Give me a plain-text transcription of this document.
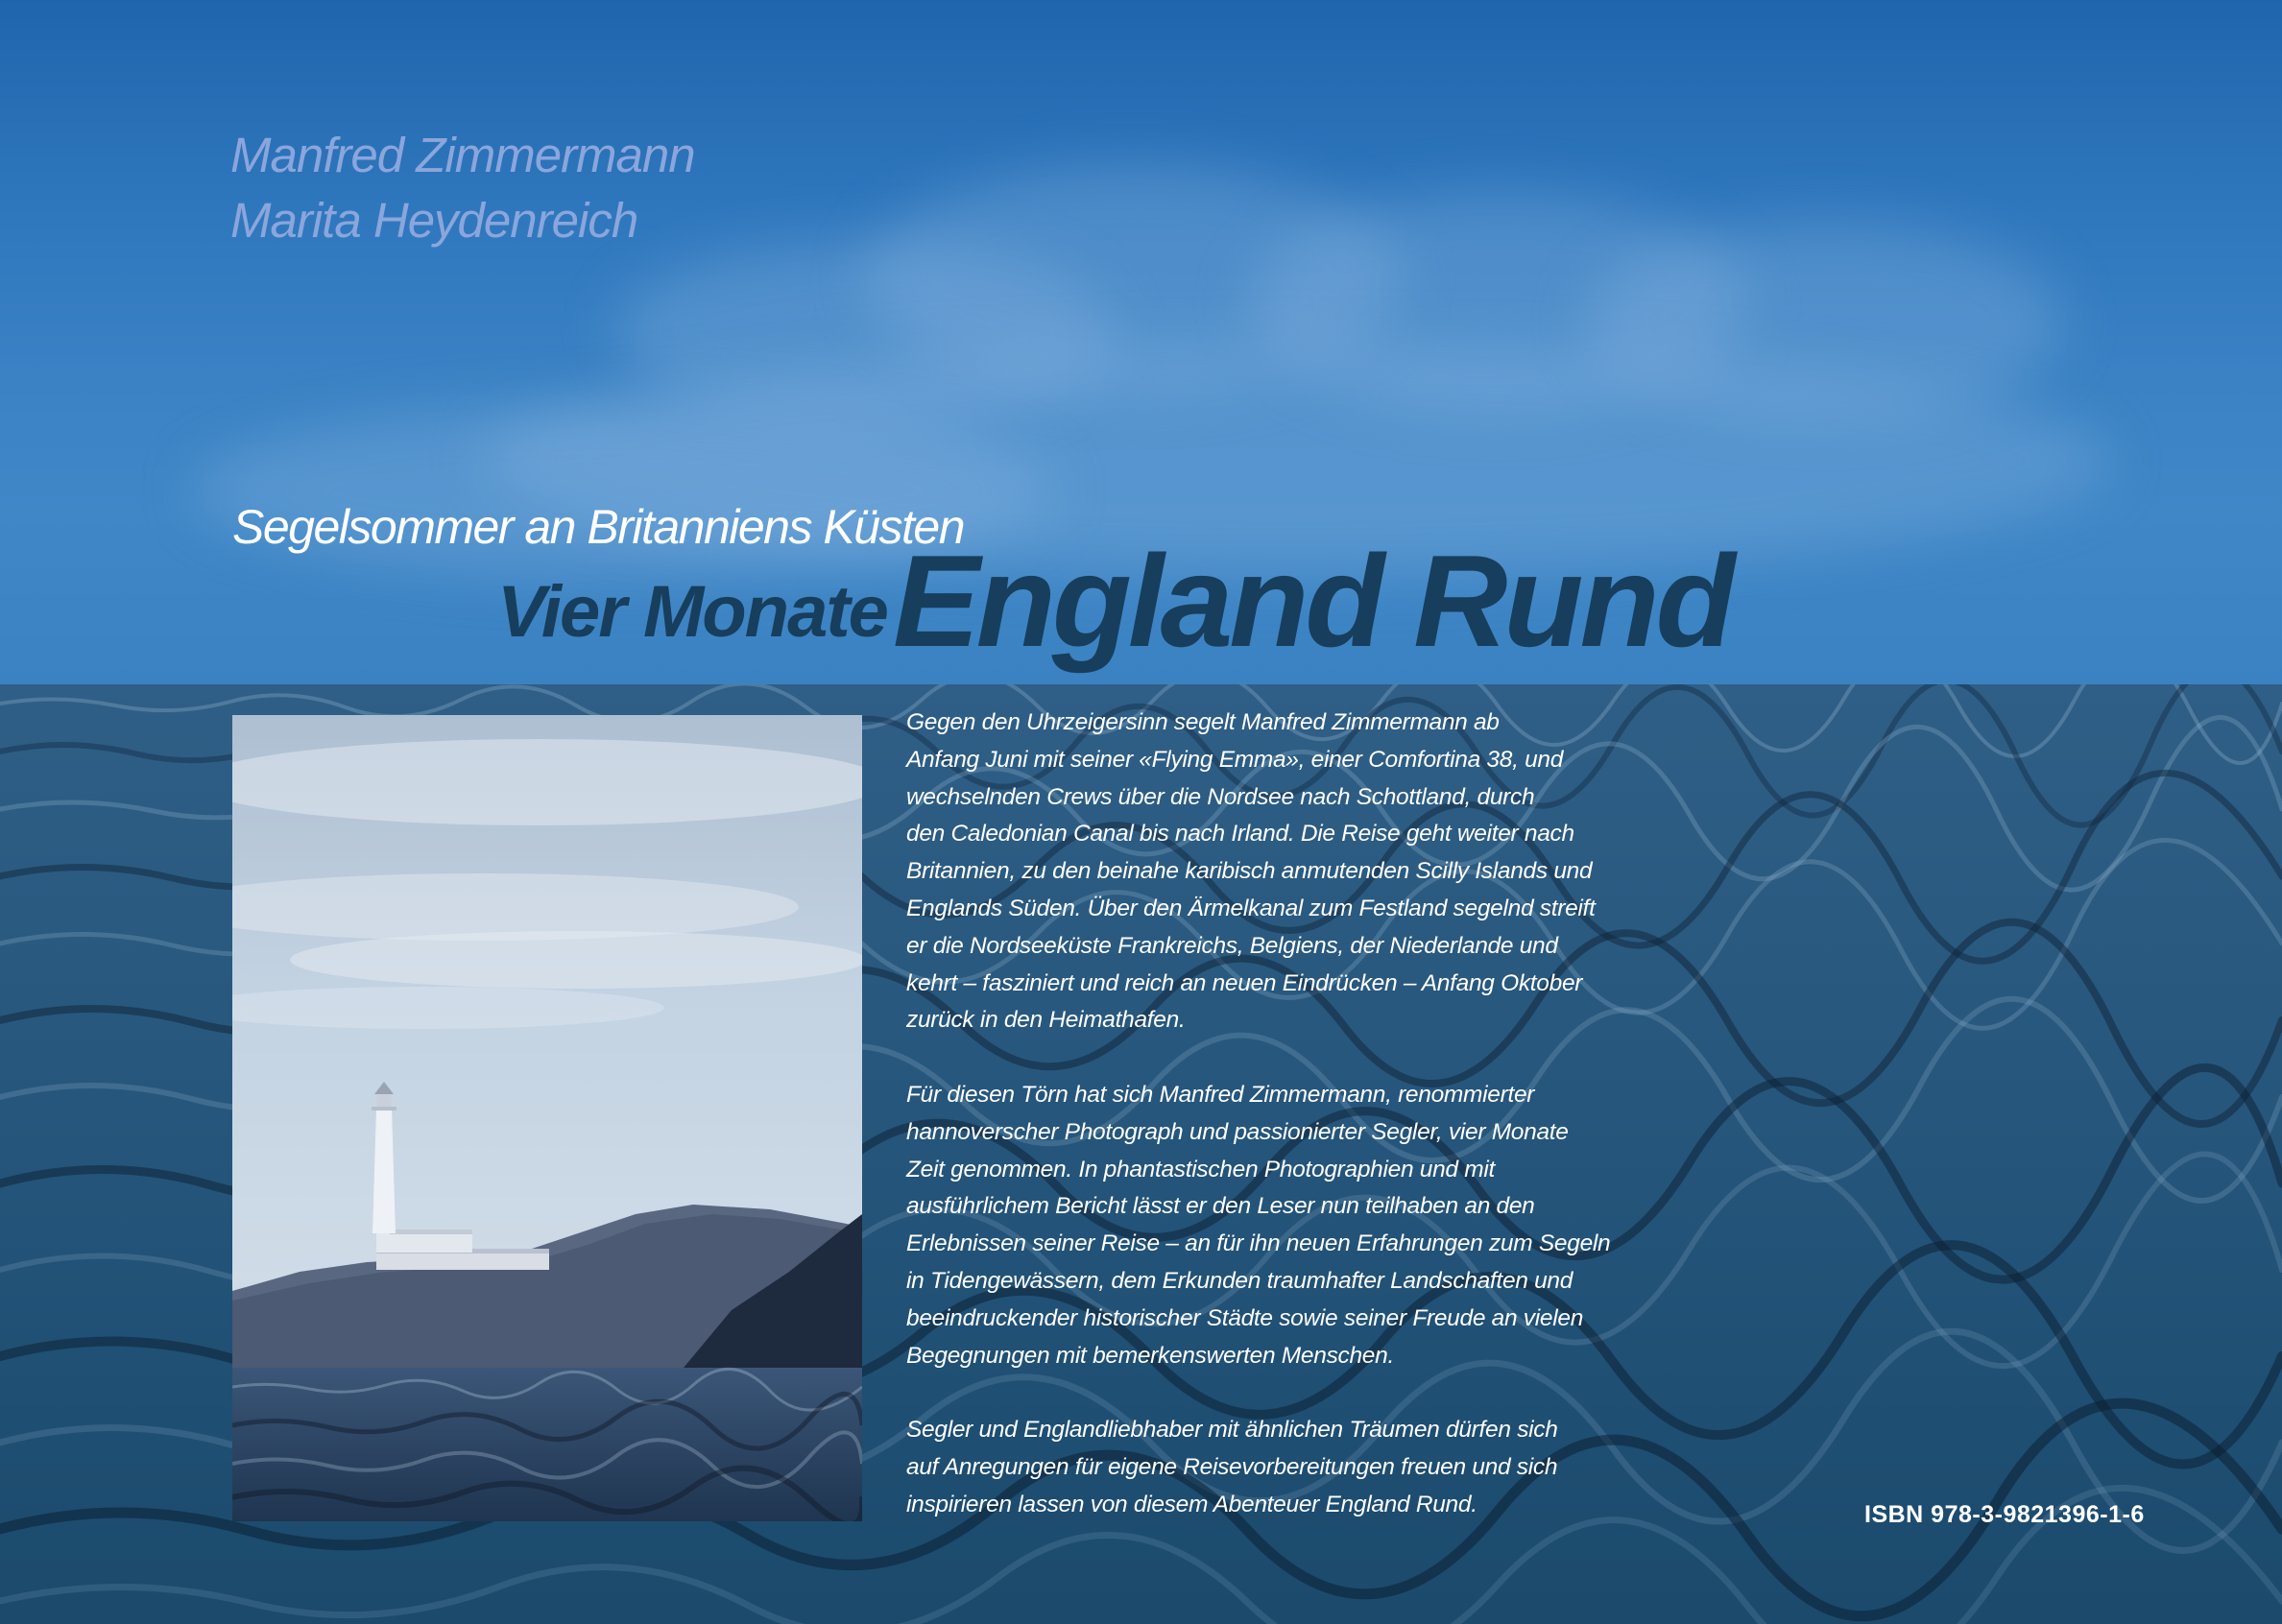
Manfred Zimmermann
Marita Heydenreich
Segelsommer an Britanniens Küsten
Vier Monate England Rund
Gegen den Uhrzeigersinn segelt Manfred Zimmermann ab
Anfang Juni mit seiner «Flying Emma», einer Comfortina 38, und
wechselnden Crews über die Nordsee nach Schottland, durch
den Caledonian Canal bis nach Irland. Die Reise geht weiter nach
Britannien, zu den beinahe karibisch anmutenden Scilly Islands und
Englands Süden. Über den Ärmelkanal zum Festland segelnd streift
er die Nordseeküste Frankreichs, Belgiens, der Niederlande und
kehrt – fasziniert und reich an neuen Eindrücken – Anfang Oktober
zurück in den Heimathafen.
Für diesen Törn hat sich Manfred Zimmermann, renommierter
hannoverscher Photograph und passionierter Segler, vier Monate
Zeit genommen. In phantastischen Photographien und mit
ausführlichem Bericht lässt er den Leser nun teilhaben an den
Erlebnissen seiner Reise – an für ihn neuen Erfahrungen zum Segeln
in Tidengewässern, dem Erkunden traumhafter Landschaften und
beeindruckender historischer Städte sowie seiner Freude an vielen
Begegnungen mit bemerkenswerten Menschen.
Segler und Englandliebhaber mit ähnlichen Träumen dürfen sich
auf Anregungen für eigene Reisevorbereitungen freuen und sich
inspirieren lassen von diesem Abenteuer England Rund.	ISBN 978-3-9821396-1-6
